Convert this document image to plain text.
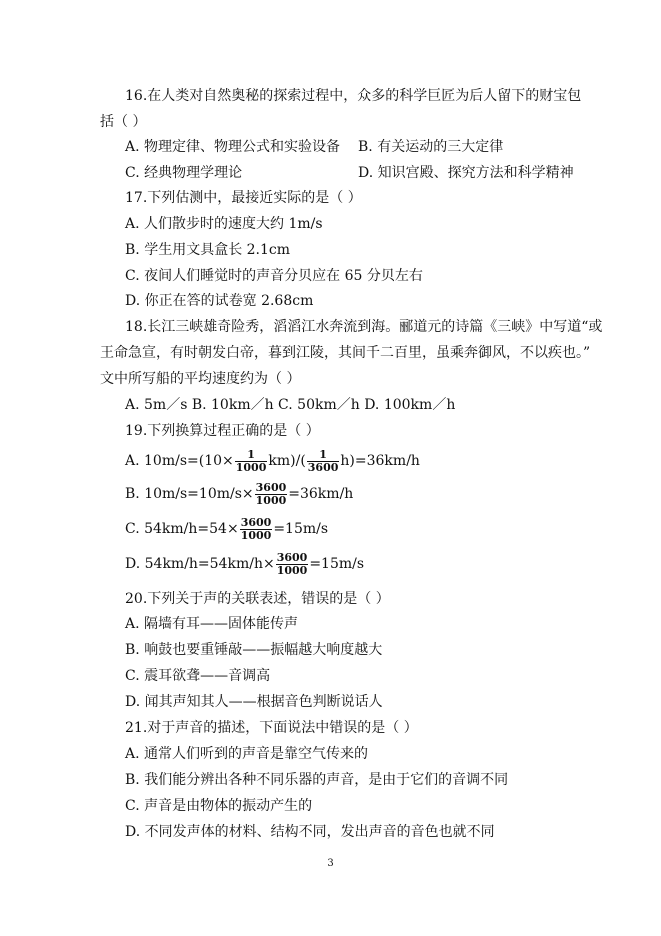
16.在人类对自然奥秘的探索过程中，众多的科学巨匠为后人留下的财宝包
括（ ）
A. 物理定律、物理公式和实验设备 B. 有关运动的三大定律
C. 经典物理学理论	D. 知识宫殿、探究方法和科学精神
17.下列估测中，最接近实际的是（ ）
A. 人们散步时的速度大约 1m/s
B. 学生用文具盒长 2.1cm
C. 夜间人们睡觉时的声音分贝应在 65 分贝左右
D. 你正在答的试卷宽 2.68cm
18.长江三峡雄奇险秀，滔滔江水奔流到海。郦道元的诗篇《三峡》中写道“或
王命急宣，有时朝发白帝，暮到江陵，其间千二百里，虽乘奔御风，不以疾也。”
文中所写船的平均速度约为（ ）
A. 5m／s B. 10km／h C. 50km／h D. 100km／h
19.下列换算过程正确的是（ ）
A. $10m/s=(10\times \frac{1}{1000} km)/( \frac{1}{3600} h)=36km/h$
B. $10m/s=10m/s\times \frac{3600}{1000} =36km/h$
C. $54km/h=54\times \frac{3600}{1000} =15m/s$
D. $54km/h=54km/h\times \frac{3600}{1000} =15m/s$
20.下列关于声的关联表述，错误的是（ ）
A. 隔墙有耳——固体能传声
B. 响鼓也要重锤敲——振幅越大响度越大
C. 震耳欲聋——音调高
D. 闻其声知其人——根据音色判断说话人
21.对于声音的描述，下面说法中错误的是（ ）
A. 通常人们听到的声音是靠空气传来的
B. 我们能分辨出各种不同乐器的声音，是由于它们的音调不同
C. 声音是由物体的振动产生的
D. 不同发声体的材料、结构不同，发出声音的音色也就不同
3
